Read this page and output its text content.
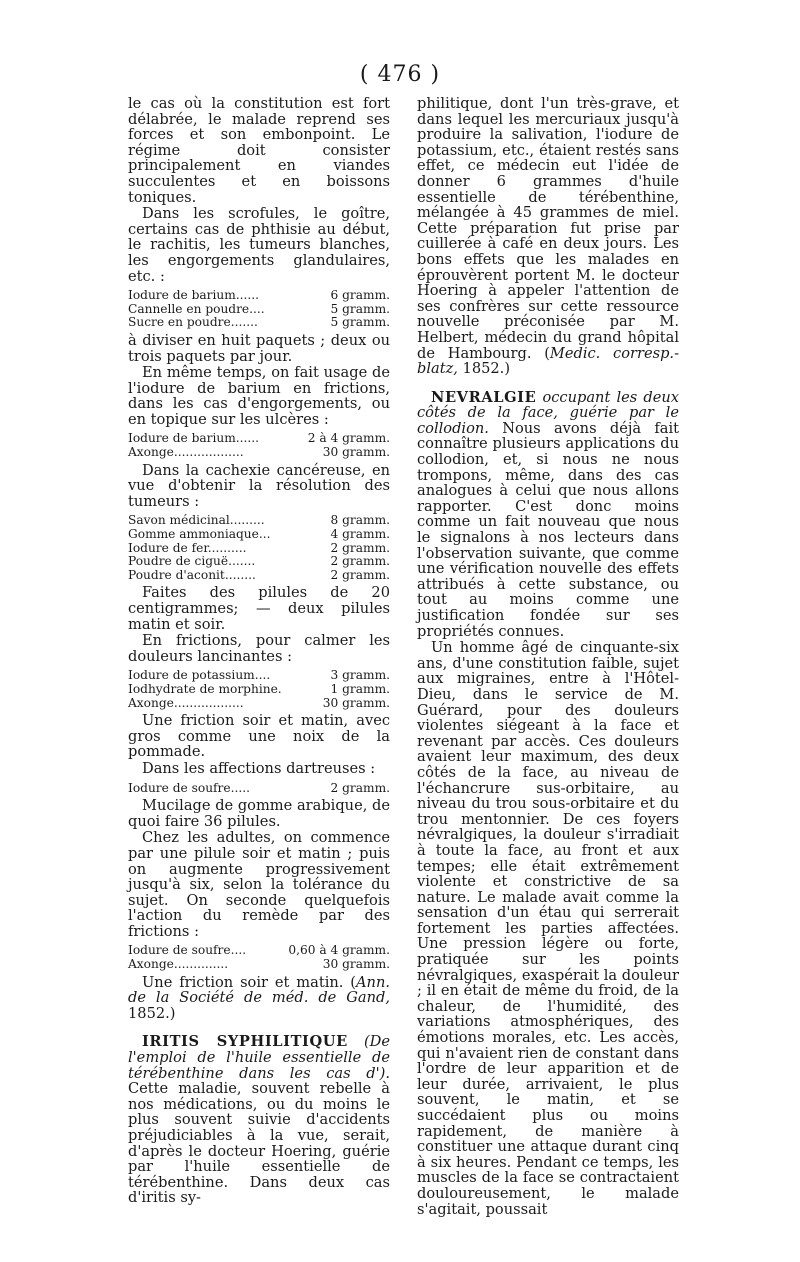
( 476 )

le cas où la constitution est fort délabrée, le malade reprend ses forces et son embonpoint. Le régime doit consister principalement en viandes succulentes et en boissons toniques.

Dans les scrofules, le goître, certains cas de phthisie au début, le rachitis, les tumeurs blanches, les engorgements glandulaires, etc. :

Iodure de barium......	6 gramm.
Cannelle en poudre....	5 gramm.
Sucre en poudre.......	5 gramm.

à diviser en huit paquets ; deux ou trois paquets par jour.

En même temps, on fait usage de l'iodure de barium en frictions, dans les cas d'engorgements, ou en topique sur les ulcères :

Iodure de barium......	2 à 4 gramm.
Axonge..................	30 gramm.

Dans la cachexie cancéreuse, en vue d'obtenir la résolution des tumeurs :

Savon médicinal.........	8 gramm.
Gomme ammoniaque...	4 gramm.
Iodure de fer..........	2 gramm.
Poudre de ciguë.......	2 gramm.
Poudre d'aconit........	2 gramm.

Faites des pilules de 20 centigrammes; — deux pilules matin et soir.

En frictions, pour calmer les douleurs lancinantes :

Iodure de potassium....	3 gramm.
Iodhydrate de morphine.	1 gramm.
Axonge..................	30 gramm.

Une friction soir et matin, avec gros comme une noix de la pommade.

Dans les affections dartreuses :

Iodure de soufre.....	2 gramm.

Mucilage de gomme arabique, de quoi faire 36 pilules.

Chez les adultes, on commence par une pilule soir et matin ; puis on augmente progressivement jusqu'à six, selon la tolérance du sujet. On seconde quelquefois l'action du remède par des frictions :

Iodure de soufre....	0,60 à 4 gramm.
Axonge..............	30 gramm.

Une friction soir et matin. (Ann. de la Société de méd. de Gand, 1852.)

IRITIS SYPHILITIQUE (De l'emploi de l'huile essentielle de térébenthine dans les cas d'). Cette maladie, souvent rebelle à nos médications, ou du moins le plus souvent suivie d'accidents préjudiciables à la vue, serait, d'après le docteur Hoering, guérie par l'huile essentielle de térébenthine. Dans deux cas d'iritis sy-

philitique, dont l'un très-grave, et dans lequel les mercuriaux jusqu'à produire la salivation, l'iodure de potassium, etc., étaient restés sans effet, ce médecin eut l'idée de donner 6 grammes d'huile essentielle de térébenthine, mélangée à 45 grammes de miel. Cette préparation fut prise par cuillerée à café en deux jours. Les bons effets que les malades en éprouvèrent portent M. le docteur Hoering à appeler l'attention de ses confrères sur cette ressource nouvelle préconisée par M. Helbert, médecin du grand hôpital de Hambourg. (Medic. corresp.-blatz, 1852.)

NEVRALGIE occupant les deux côtés de la face, guérie par le collodion. Nous avons déjà fait connaître plusieurs applications du collodion, et, si nous ne nous trompons, même, dans des cas analogues à celui que nous allons rapporter. C'est donc moins comme un fait nouveau que nous le signalons à nos lecteurs dans l'observation suivante, que comme une vérification nouvelle des effets attribués à cette substance, ou tout au moins comme une justification fondée sur ses propriétés connues.

Un homme âgé de cinquante-six ans, d'une constitution faible, sujet aux migraines, entre à l'Hôtel-Dieu, dans le service de M. Guérard, pour des douleurs violentes siégeant à la face et revenant par accès. Ces douleurs avaient leur maximum, des deux côtés de la face, au niveau de l'échancrure sus-orbitaire, au niveau du trou sous-orbitaire et du trou mentonnier. De ces foyers névralgiques, la douleur s'irradiait à toute la face, au front et aux tempes; elle était extrêmement violente et constrictive de sa nature. Le malade avait comme la sensation d'un étau qui serrerait fortement les parties affectées. Une pression légère ou forte, pratiquée sur les points névralgiques, exaspérait la douleur ; il en était de même du froid, de la chaleur, de l'humidité, des variations atmosphériques, des émotions morales, etc. Les accès, qui n'avaient rien de constant dans l'ordre de leur apparition et de leur durée, arrivaient, le plus souvent, le matin, et se succédaient plus ou moins rapidement, de manière à constituer une attaque durant cinq à six heures. Pendant ce temps, les muscles de la face se contractaient douloureusement, le malade s'agitait, poussait
